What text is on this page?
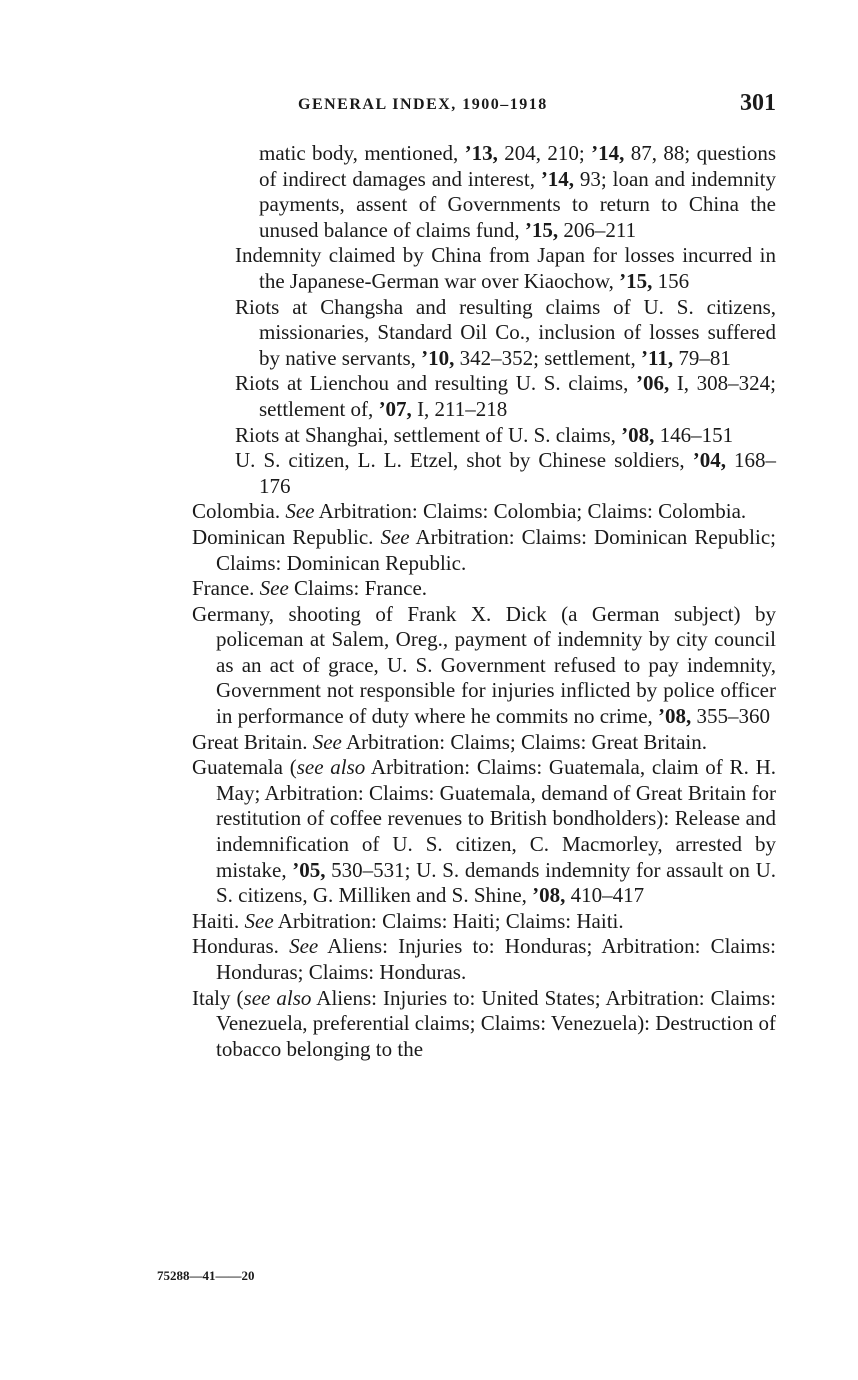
GENERAL INDEX, 1900–1918	301
matic body, mentioned, ’13, 204, 210; ’14, 87, 88; questions of indirect damages and interest, ’14, 93; loan and indemnity payments, assent of Governments to return to China the unused balance of claims fund, ’15, 206–211
Indemnity claimed by China from Japan for losses incurred in the Japanese-German war over Kiaochow, ’15, 156
Riots at Changsha and resulting claims of U. S. citizens, missionaries, Standard Oil Co., inclusion of losses suffered by native servants, ’10, 342–352; settlement, ’11, 79–81
Riots at Lienchou and resulting U. S. claims, ’06, I, 308–324; settlement of, ’07, I, 211–218
Riots at Shanghai, settlement of U. S. claims, ’08, 146–151
U. S. citizen, L. L. Etzel, shot by Chinese soldiers, ’04, 168–176
Colombia. See Arbitration: Claims: Colombia; Claims: Colombia.
Dominican Republic. See Arbitration: Claims: Dominican Republic; Claims: Dominican Republic.
France. See Claims: France.
Germany, shooting of Frank X. Dick (a German subject) by policeman at Salem, Oreg., payment of indemnity by city council as an act of grace, U. S. Government refused to pay indemnity, Government not responsible for injuries inflicted by police officer in performance of duty where he commits no crime, ’08, 355–360
Great Britain. See Arbitration: Claims; Claims: Great Britain.
Guatemala (see also Arbitration: Claims: Guatemala, claim of R. H. May; Arbitration: Claims: Guatemala, demand of Great Britain for restitution of coffee revenues to British bondholders): Release and indemnification of U. S. citizen, C. Macmorley, arrested by mistake, ’05, 530–531; U. S. demands indemnity for assault on U. S. citizens, G. Milliken and S. Shine, ’08, 410–417
Haiti. See Arbitration: Claims: Haiti; Claims: Haiti.
Honduras. See Aliens: Injuries to: Honduras; Arbitration: Claims: Honduras; Claims: Honduras.
Italy (see also Aliens: Injuries to: United States; Arbitration: Claims: Venezuela, preferential claims; Claims: Venezuela): Destruction of tobacco belonging to the
75288—41——20
